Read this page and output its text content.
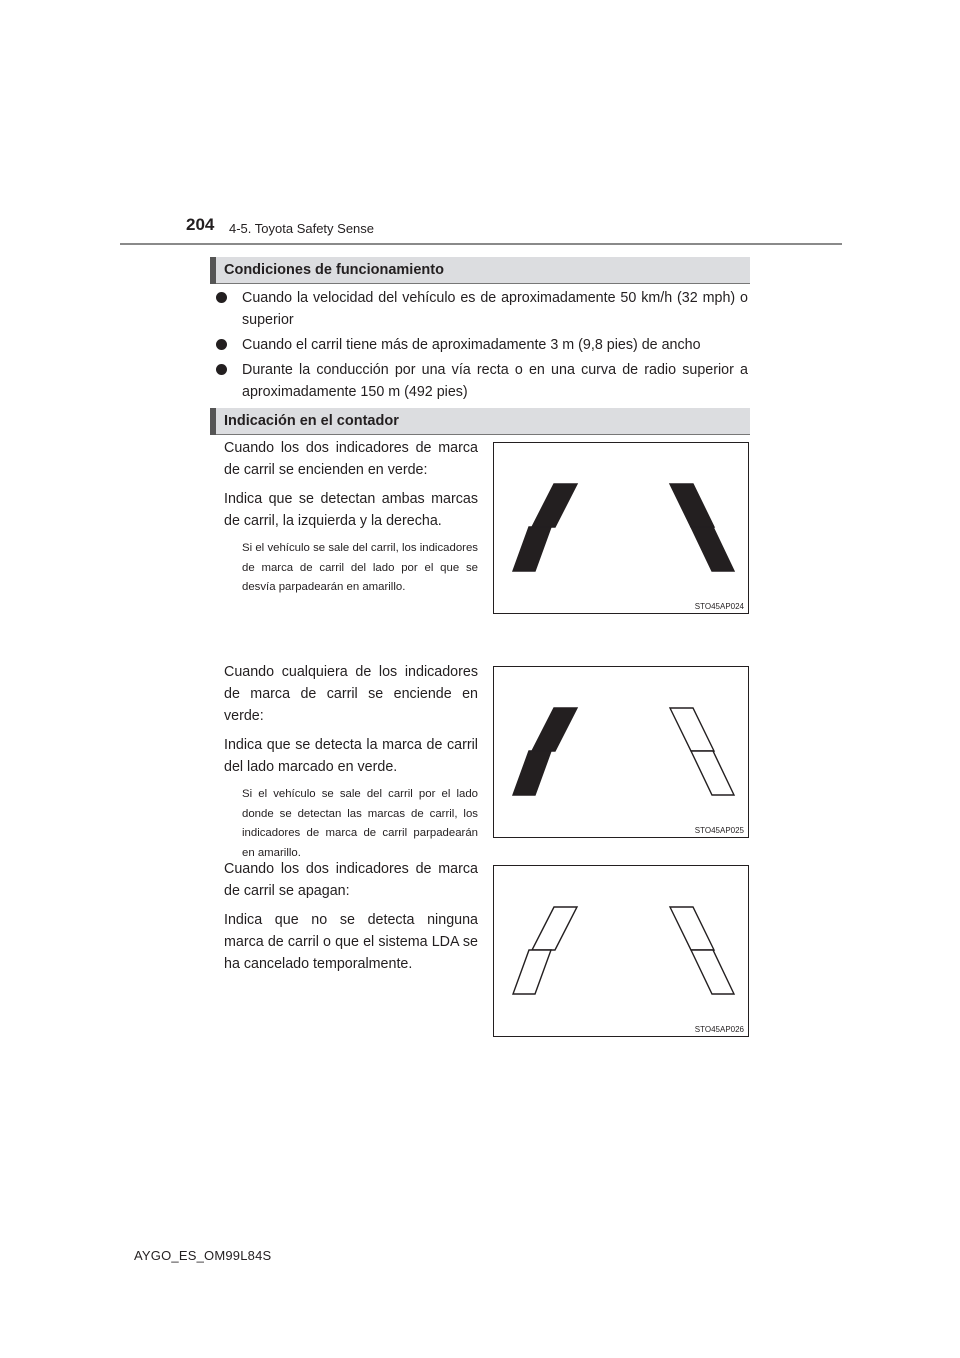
204 4-5. Toyota Safety Sense
Condiciones de funcionamiento
Cuando la velocidad del vehículo es de aproximadamente 50 km/h (32 mph) o superior
Cuando el carril tiene más de aproximadamente 3 m (9,8 pies) de ancho
Durante la conducción por una vía recta o en una curva de radio superior a aproximadamente 150 m (492 pies)
Indicación en el contador

Cuando los dos indicadores de marca de carril se encienden en verde:

Indica que se detectan ambas marcas de carril, la izquierda y la derecha.

Si el vehículo se sale del carril, los indicadores de marca de carril del lado por el que se desvía parpadearán en amarillo.

STO45AP024

Cuando cualquiera de los indicadores de marca de carril se enciende en verde:

Indica que se detecta la marca de carril del lado marcado en verde.

Si el vehículo se sale del carril por el lado donde se detectan las marcas de carril, los indicadores de marca de carril parpadearán en amarillo.

STO45AP025

Cuando los dos indicadores de marca de carril se apagan:

Indica que no se detecta ninguna marca de carril o que el sistema LDA se ha cancelado temporalmente.

STO45AP026
AYGO_ES_OM99L84S
